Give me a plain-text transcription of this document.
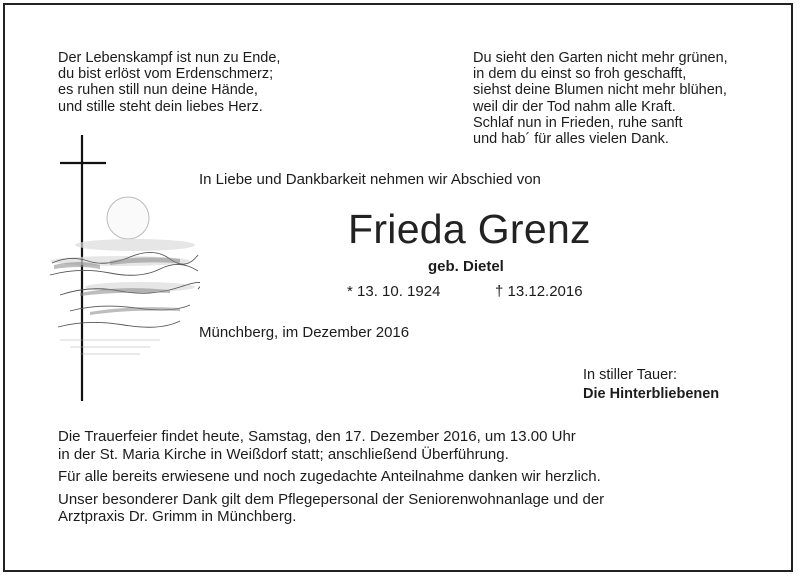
Der Lebenskampf ist nun zu Ende,
du bist erlöst vom Erdenschmerz;
es ruhen still nun deine Hände,
und stille steht dein liebes Herz.
Du sieht den Garten nicht mehr grünen,
in dem du einst so froh geschafft,
siehst deine Blumen nicht mehr blühen,
weil dir der Tod nahm alle Kraft.
Schlaf nun in Frieden, ruhe sanft
und hab´ für alles vielen Dank.
In Liebe und Dankbarkeit nehmen wir Abschied von
Frieda Grenz
geb. Dietel
* 13. 10. 1924	† 13.12.2016
Münchberg, im Dezember 2016
In stiller Tauer:
Die Hinterbliebenen

Die Trauerfeier findet heute, Samstag, den 17. Dezember 2016, um 13.00 Uhr
in der St. Maria Kirche in Weißdorf statt; anschließend Überführung.

Für alle bereits erwiesene und noch zugedachte Anteilnahme danken wir herzlich.

Unser besonderer Dank gilt dem Pflegepersonal der Seniorenwohnanlage und der
Arztpraxis Dr. Grimm in Münchberg.
